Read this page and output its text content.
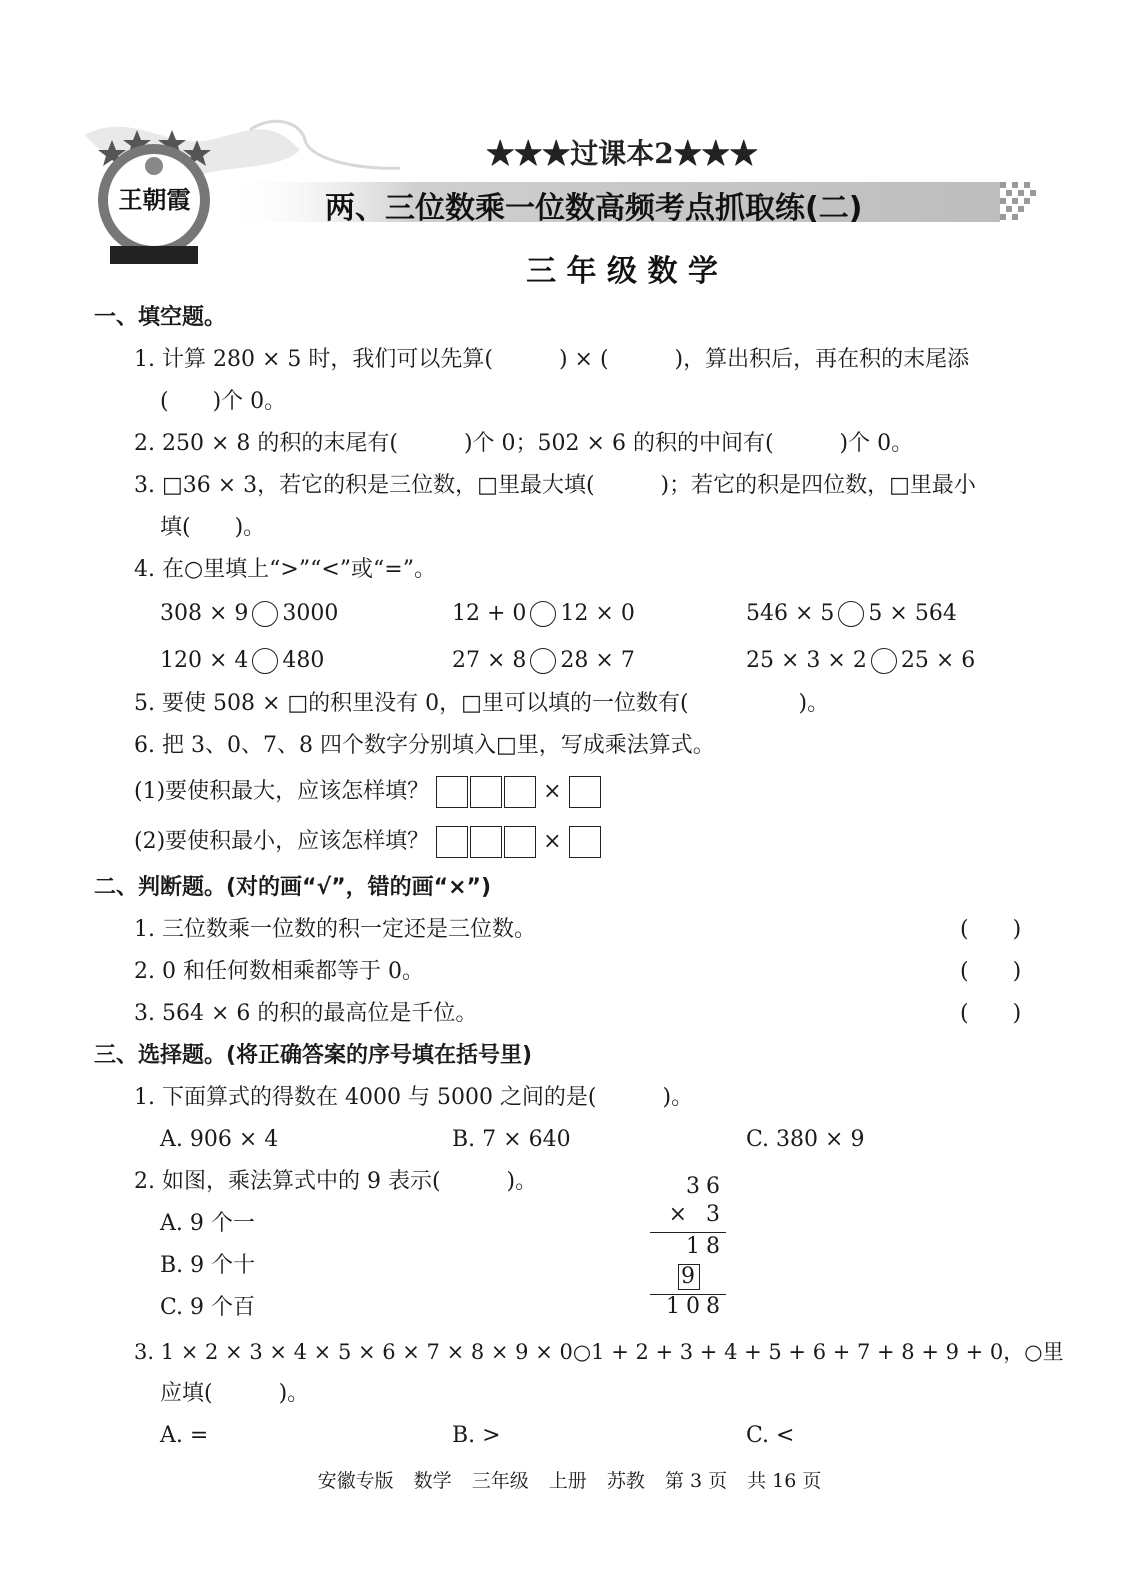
王朝霞
★★★过课本2★★★
两、三位数乘一位数高频考点抓取练(二)
三 年 级 数 学
一、填空题。
1. 计算 280 × 5 时，我们可以先算(　　　) × (　　　)，算出积后，再在积的末尾添
(　　)个 0。
2. 250 × 8 的积的末尾有(　　　)个 0；502 × 6 的积的中间有(　　　)个 0。
3. □36 × 3，若它的积是三位数，□里最大填(　　　)；若它的积是四位数，□里最小
填(　　)。
4. 在○里填上“>”“<”或“=”。
308 × 9 3000	12 + 0 12 × 0	546 × 5 5 × 564
120 × 4 480	27 × 8 28 × 7	25 × 3 × 2 25 × 6
5. 要使 508 × □的积里没有 0，□里可以填的一位数有(　　　　　)。
6. 把 3、0、7、8 四个数字分别填入□里，写成乘法算式。
(1)要使积最大，应该怎样填？	×
(2)要使积最小，应该怎样填？	×
二、判断题。(对的画“√”，错的画“×”)
1. 三位数乘一位数的积一定还是三位数。	(　　)
2. 0 和任何数相乘都等于 0。	(　　)
3. 564 × 6 的积的最高位是千位。	(　　)
三、选择题。(将正确答案的序号填在括号里)
1. 下面算式的得数在 4000 与 5000 之间的是(　　　)。
A. 906 × 4	B. 7 × 640	C. 380 × 9
2. 如图，乘法算式中的 9 表示(　　　)。
A. 9 个一
B. 9 个十
C. 9 个百
36
× 3
18
9
108
3. 1 × 2 × 3 × 4 × 5 × 6 × 7 × 8 × 9 × 0○1 + 2 + 3 + 4 + 5 + 6 + 7 + 8 + 9 + 0，○里
应填(　　　)。
A. =	B. >	C. <
安徽专版 数学 三年级 上册 苏教 第 3 页 共 16 页
